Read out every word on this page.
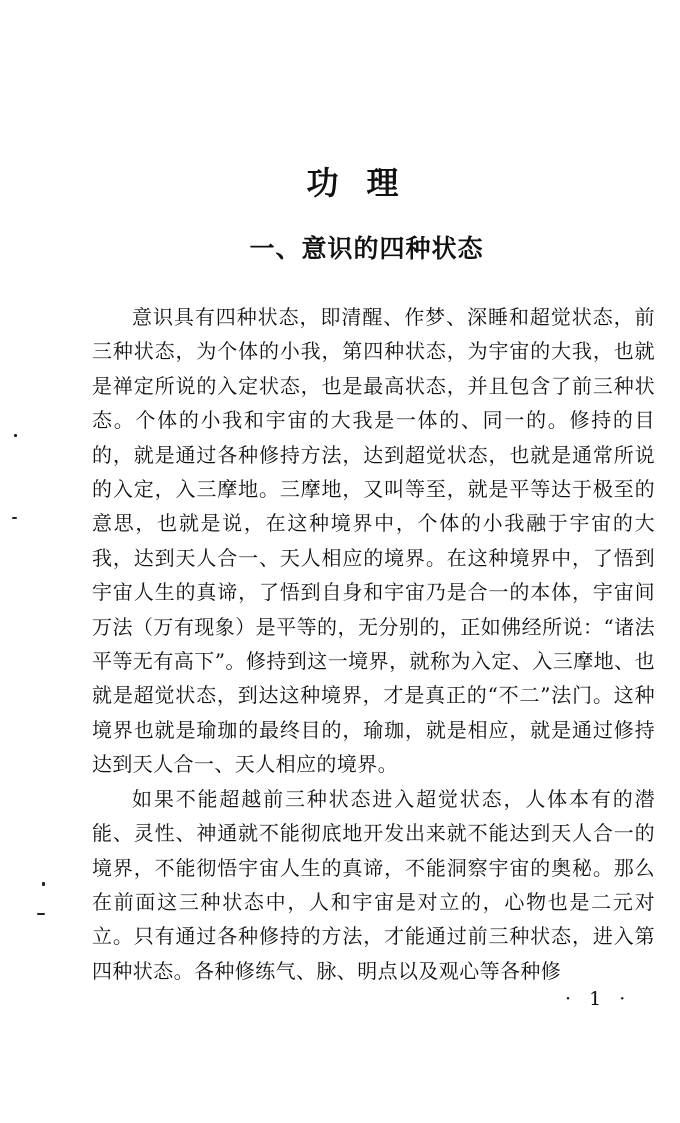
功理
一、意识的四种状态

意识具有四种状态，即清醒、作梦、深睡和超觉状态，前三种状态，为个体的小我，第四种状态，为宇宙的大我，也就是禅定所说的入定状态，也是最高状态，并且包含了前三种状态。个体的小我和宇宙的大我是一体的、同一的。修持的目的，就是通过各种修持方法，达到超觉状态，也就是通常所说的入定，入三摩地。三摩地，又叫等至，就是平等达于极至的意思，也就是说，在这种境界中，个体的小我融于宇宙的大我，达到天人合一、天人相应的境界。在这种境界中，了悟到宇宙人生的真谛，了悟到自身和宇宙乃是合一的本体，宇宙间万法（万有现象）是平等的，无分别的，正如佛经所说：“诸法平等无有高下”。修持到这一境界，就称为入定、入三摩地、也就是超觉状态，到达这种境界，才是真正的“不二”法门。这种境界也就是瑜珈的最终目的，瑜珈，就是相应，就是通过修持达到天人合一、天人相应的境界。

如果不能超越前三种状态进入超觉状态，人体本有的潜能、灵性、神通就不能彻底地开发出来就不能达到天人合一的境界，不能彻悟宇宙人生的真谛，不能洞察宇宙的奥秘。那么在前面这三种状态中，人和宇宙是对立的，心物也是二元对立。只有通过各种修持的方法，才能通过前三种状态，进入第四种状态。各种修练气、脉、明点以及观心等各种修

· 1 ·
